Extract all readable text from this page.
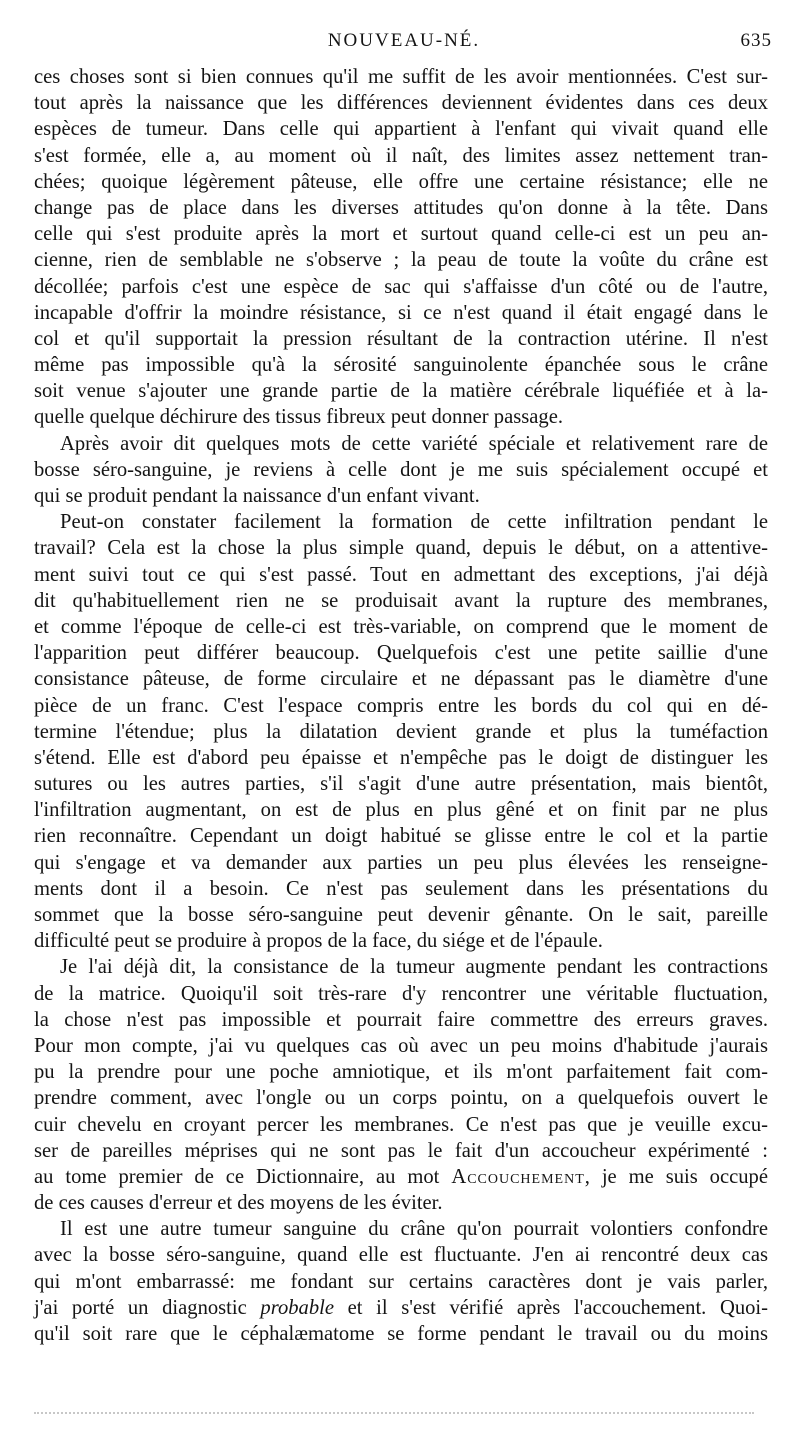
NOUVEAU-NÉ.	635

ces choses sont si bien connues qu'il me suffit de les avoir mentionnées. C'est sur-
tout après la naissance que les différences deviennent évidentes dans ces deux
espèces de tumeur. Dans celle qui appartient à l'enfant qui vivait quand elle
s'est formée, elle a, au moment où il naît, des limites assez nettement tran-
chées; quoique légèrement pâteuse, elle offre une certaine résistance; elle ne
change pas de place dans les diverses attitudes qu'on donne à la tête. Dans
celle qui s'est produite après la mort et surtout quand celle-ci est un peu an-
cienne, rien de semblable ne s'observe ; la peau de toute la voûte du crâne est
décollée; parfois c'est une espèce de sac qui s'affaisse d'un côté ou de l'autre,
incapable d'offrir la moindre résistance, si ce n'est quand il était engagé dans le
col et qu'il supportait la pression résultant de la contraction utérine. Il n'est
même pas impossible qu'à la sérosité sanguinolente épanchée sous le crâne
soit venue s'ajouter une grande partie de la matière cérébrale liquéfiée et à la-
quelle quelque déchirure des tissus fibreux peut donner passage.

Après avoir dit quelques mots de cette variété spéciale et relativement rare de
bosse séro-sanguine, je reviens à celle dont je me suis spécialement occupé et
qui se produit pendant la naissance d'un enfant vivant.

Peut-on constater facilement la formation de cette infiltration pendant le
travail? Cela est la chose la plus simple quand, depuis le début, on a attentive-
ment suivi tout ce qui s'est passé. Tout en admettant des exceptions, j'ai déjà
dit qu'habituellement rien ne se produisait avant la rupture des membranes,
et comme l'époque de celle-ci est très-variable, on comprend que le moment de
l'apparition peut différer beaucoup. Quelquefois c'est une petite saillie d'une
consistance pâteuse, de forme circulaire et ne dépassant pas le diamètre d'une
pièce de un franc. C'est l'espace compris entre les bords du col qui en dé-
termine l'étendue; plus la dilatation devient grande et plus la tuméfaction
s'étend. Elle est d'abord peu épaisse et n'empêche pas le doigt de distinguer les
sutures ou les autres parties, s'il s'agit d'une autre présentation, mais bientôt,
l'infiltration augmentant, on est de plus en plus gêné et on finit par ne plus
rien reconnaître. Cependant un doigt habitué se glisse entre le col et la partie
qui s'engage et va demander aux parties un peu plus élevées les renseigne-
ments dont il a besoin. Ce n'est pas seulement dans les présentations du
sommet que la bosse séro-sanguine peut devenir gênante. On le sait, pareille
difficulté peut se produire à propos de la face, du siége et de l'épaule.

Je l'ai déjà dit, la consistance de la tumeur augmente pendant les contractions
de la matrice. Quoiqu'il soit très-rare d'y rencontrer une véritable fluctuation,
la chose n'est pas impossible et pourrait faire commettre des erreurs graves.
Pour mon compte, j'ai vu quelques cas où avec un peu moins d'habitude j'aurais
pu la prendre pour une poche amniotique, et ils m'ont parfaitement fait com-
prendre comment, avec l'ongle ou un corps pointu, on a quelquefois ouvert le
cuir chevelu en croyant percer les membranes. Ce n'est pas que je veuille excu-
ser de pareilles méprises qui ne sont pas le fait d'un accoucheur expérimenté :
au tome premier de ce Dictionnaire, au mot Accouchement, je me suis occupé
de ces causes d'erreur et des moyens de les éviter.

Il est une autre tumeur sanguine du crâne qu'on pourrait volontiers confondre
avec la bosse séro-sanguine, quand elle est fluctuante. J'en ai rencontré deux cas
qui m'ont embarrassé: me fondant sur certains caractères dont je vais parler,
j'ai porté un diagnostic probable et il s'est vérifié après l'accouchement. Quoi-
qu'il soit rare que le céphalæmatome se forme pendant le travail ou du moins
